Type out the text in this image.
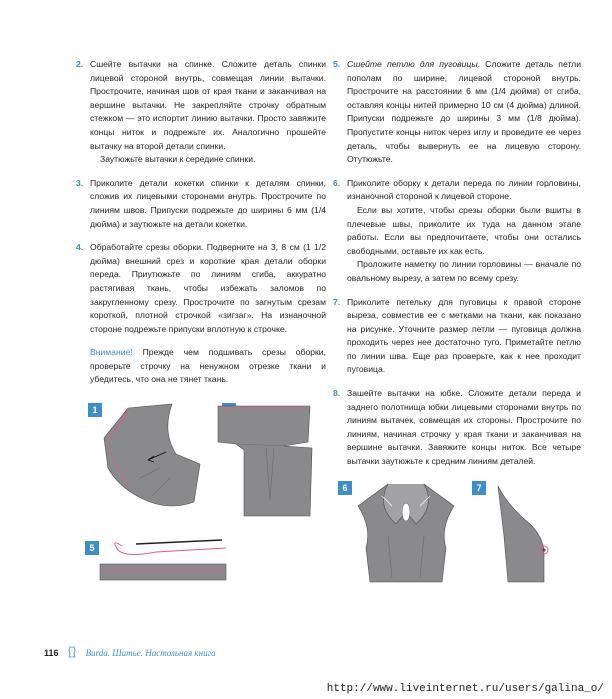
2. Сшейте вытачки на спинке. Сложите деталь спинки лицевой стороной внутрь, совмещая линии вытачки. Прострочите, начиная шов от края ткани и заканчивая на вершине вытачки. Не закрепляйте строчку обратным стежком — это испортит линию вытачки. Просто завяжите концы ниток и подрежьте их. Аналогично прошейте вытачку на второй детали спинки.

Заутюжьте вытачки к середине спинки.

3. Приколите детали кокетки спинки к деталям спинки, сложив их лицевыми сторонами внутрь. Прострочите по линиям швов. Припуски подрежьте до ширины 6 мм (1/4 дюйма) и заутюжьте на детали кокетки.

4. Обработайте срезы оборки. Подверните на 3, 8 см (1 1/2 дюйма) внешний срез и короткие края детали оборки переда. Приутюжьте по линиям сгиба, аккуратно растягивая ткань, чтобы избежать заломов по закругленному срезу. Прострочите по загнутым срезам короткой, плотной строчкой «зигзаг». На изнаночной стороне подрежьте припуски вплотную к строчке.

Внимание! Прежде чем подшивать срезы оборки, проверьте строчку на ненужном отрезке ткани и убедитесь, что она не тянет ткань.
5. Сшейте петлю для пуговицы. Сложите деталь петли пополам по ширине, лицевой стороной внутрь. Прострочите на расстоянии 6 мм (1/4 дюйма) от сгиба, оставляя концы нитей примерно 10 см (4 дюйма) длиной. Припуски подрежьте до ширины 3 мм (1/8 дюйма). Пропустите концы ниток через иглу и проведите ее через деталь, чтобы вывернуть ее на лицевую сторону. Отутюжьте.

6. Приколите оборку к детали переда по линии горловины, изнаночной стороной к лицевой стороне.

Если вы хотите, чтобы срезы оборки были вшиты в плечевые швы, приколите их туда на данном этапе работы. Если вы предпочитаете, чтобы они остались свободными, оставьте их как есть.

Проложите наметку по линии горловины — вначале по овальному вырезу, а затем по всему срезу.

7. Приколите петельку для пуговицы к правой стороне выреза, совместив ее с метками на ткани, как показано на рисунке. Уточните размер петли — пуговица должна проходить через нее достаточно туго. Приметайте петлю по линии шва. Еще раз проверьте, как к нее проходит пуговица.

8. Зашейте вытачки на юбке. Сложите детали переда и заднего полотнища юбки лицевыми сторонами внутрь по линиям вытачек, совмещая их стороны. Прострочите по линиям, начиная строчку у края ткани и заканчивая на вершине вытачки. Завяжите концы ниток. Все четыре вытачки заутюжьте к средним линиям деталей.

1
5
6	7
116	Burda. Шитье. Настольная книга
http://www.liveinternet.ru/users/galina_o/
